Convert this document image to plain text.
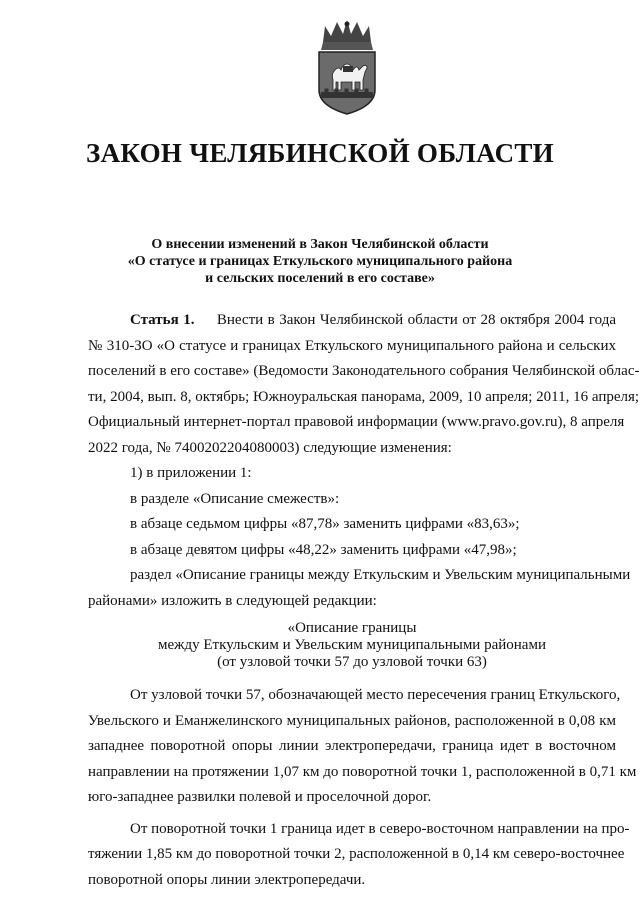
ЗАКОН ЧЕЛЯБИНСКОЙ ОБЛАСТИ
О внесении изменений в Закон Челябинской области
«О статусе и границах Еткульского муниципального района
и сельских поселений в его составе»
Статья 1. Внести в Закон Челябинской области от 28 октября 2004 года
№ 310-ЗО «О статусе и границах Еткульского муниципального района и сельских
поселений в его составе» (Ведомости Законодательного собрания Челябинской облас-
ти, 2004, вып. 8, октябрь; Южноуральская панорама, 2009, 10 апреля; 2011, 16 апреля;
Официальный интернет-портал правовой информации (www.pravo.gov.ru), 8 апреля
2022 года, № 7400202204080003) следующие изменения:
1) в приложении 1:
в разделе «Описание смежеств»:
в абзаце седьмом цифры «87,78» заменить цифрами «83,63»;
в абзаце девятом цифры «48,22» заменить цифрами «47,98»;
раздел «Описание границы между Еткульским и Увельским муниципальными
районами» изложить в следующей редакции:
«Описание границы
между Еткульским и Увельским муниципальными районами
(от узловой точки 57 до узловой точки 63)
От узловой точки 57, обозначающей место пересечения границ Еткульского,
Увельского и Еманжелинского муниципальных районов, расположенной в 0,08 км
западнее поворотной опоры линии электропередачи, граница идет в восточном
направлении на протяжении 1,07 км до поворотной точки 1, расположенной в 0,71 км
юго-западнее развилки полевой и проселочной дорог.
От поворотной точки 1 граница идет в северо-восточном направлении на про-
тяжении 1,85 км до поворотной точки 2, расположенной в 0,14 км северо-восточнее
поворотной опоры линии электропередачи.
